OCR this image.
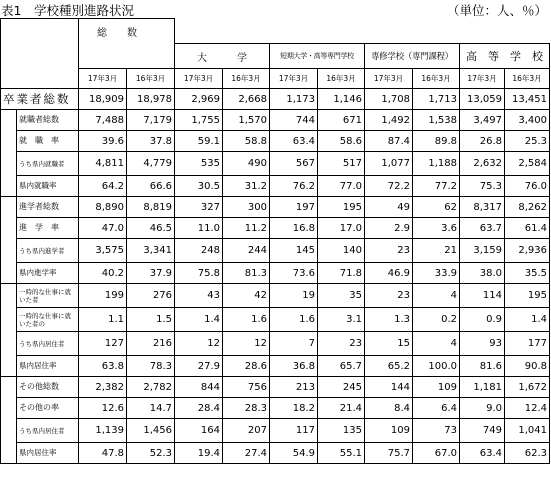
表1　学校種別進路状況	（単位：人、％）
		総　　数									
				大　　　学		短期大学・高等専門学校		専修学校（専門課程）		高　等　学　校	
		17年3月	16年3月	17年3月	16年3月	17年3月	16年3月	17年3月	16年3月	17年3月	16年3月
卒業者総数		18,909	18,978	2,969	2,668	1,173	1,146	1,708	1,713	13,059	13,451
	就職者総数	7,488	7,179	1,755	1,570	744	671	1,492	1,538	3,497	3,400
	就　職　率	39.6	37.8	59.1	58.8	63.4	58.6	87.4	89.8	26.8	25.3
	うち県内就職者	4,811	4,779	535	490	567	517	1,077	1,188	2,632	2,584
	県内就職率	64.2	66.6	30.5	31.2	76.2	77.0	72.2	77.2	75.3	76.0
	進学者総数	8,890	8,819	327	300	197	195	49	62	8,317	8,262
	進　学　率	47.0	46.5	11.0	11.2	16.8	17.0	2.9	3.6	63.7	61.4
	うち県内進学者	3,575	3,341	248	244	145	140	23	21	3,159	2,936
	県内進学率	40.2	37.9	75.8	81.3	73.6	71.8	46.9	33.9	38.0	35.5
	一時的な仕事に就いた者	199	276	43	42	19	35	23	4	114	195
	一時的な仕事に就いた者の	1.1	1.5	1.4	1.6	1.6	3.1	1.3	0.2	0.9	1.4
	うち県内居住者	127	216	12	12	7	23	15	4	93	177
	県内居住率	63.8	78.3	27.9	28.6	36.8	65.7	65.2	100.0	81.6	90.8
	その他総数	2,382	2,782	844	756	213	245	144	109	1,181	1,672
	その他の率	12.6	14.7	28.4	28.3	18.2	21.4	8.4	6.4	9.0	12.4
	うち県内居住者	1,139	1,456	164	207	117	135	109	73	749	1,041
	県内居住率	47.8	52.3	19.4	27.4	54.9	55.1	75.7	67.0	63.4	62.3
